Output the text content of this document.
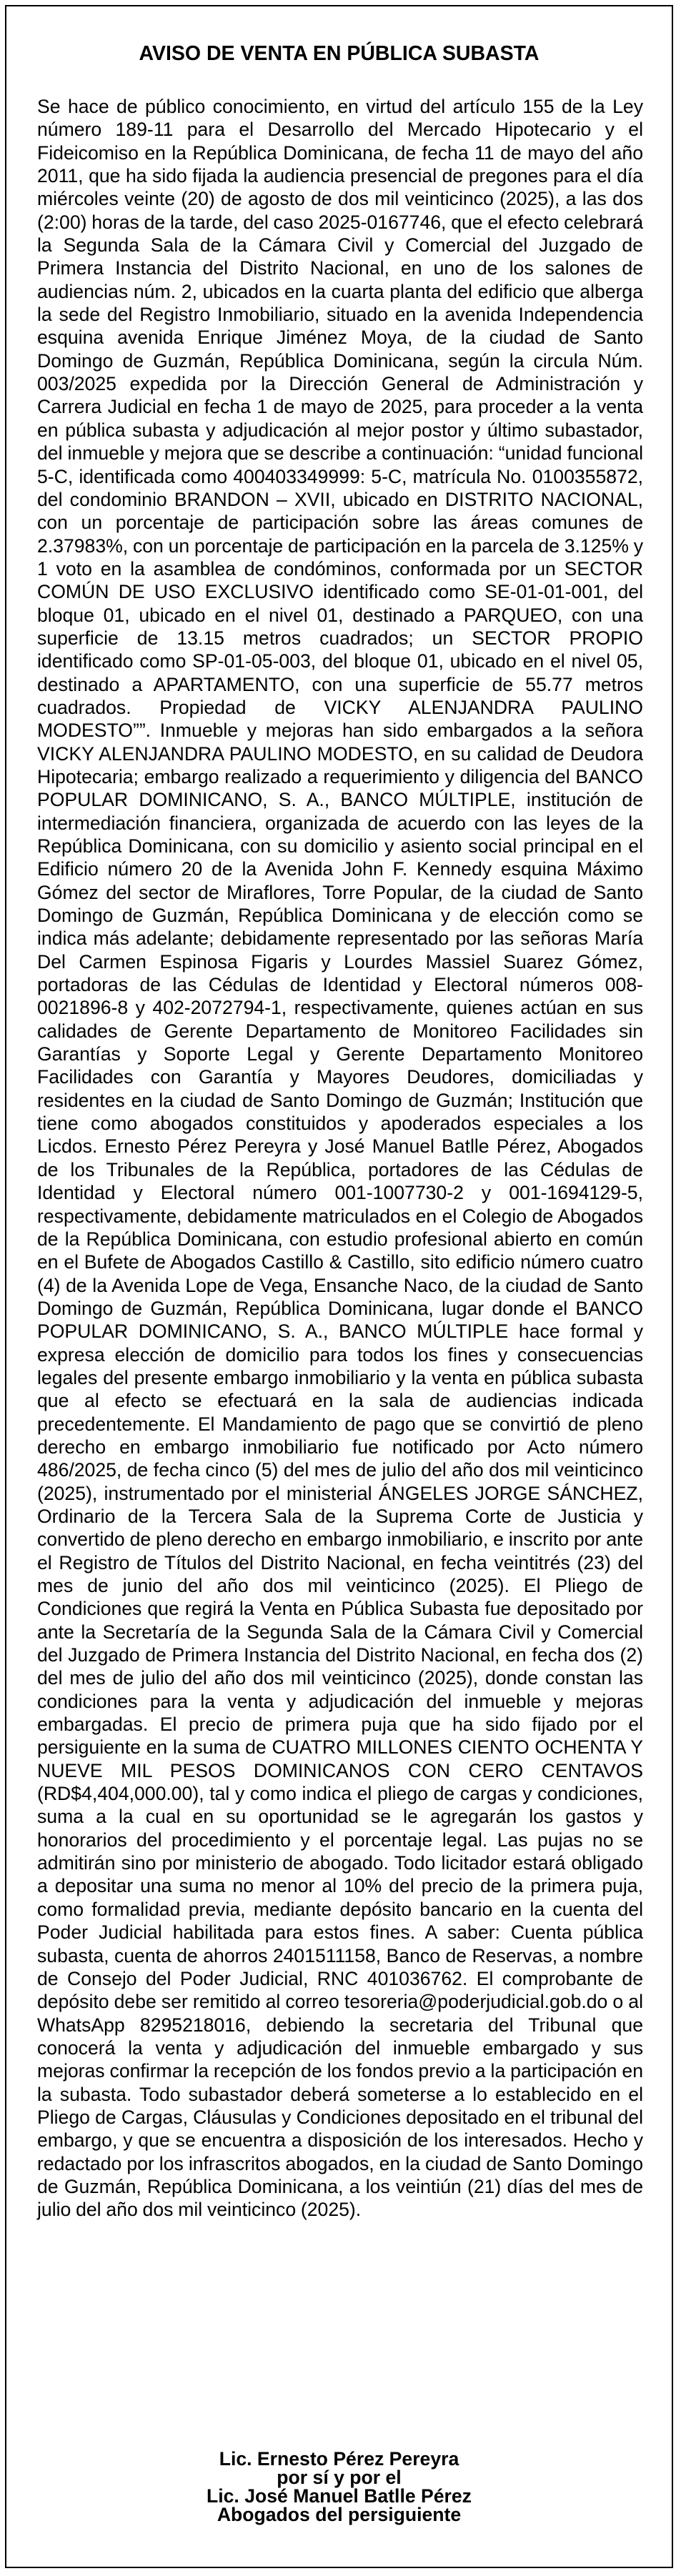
AVISO DE VENTA EN PÚBLICA SUBASTA

Se hace de público conocimiento, en virtud del artículo 155 de la Ley número 189-11 para el Desarrollo del Mercado Hipotecario y el Fideicomiso en la República Dominicana, de fecha 11 de mayo del año 2011, que ha sido fijada la audiencia presencial de pregones para el día miércoles veinte (20) de agosto de dos mil veinticinco (2025), a las dos (2:00) horas de la tarde, del caso 2025-0167746, que el efecto celebrará la Segunda Sala de la Cámara Civil y Comercial del Juzgado de Primera Instancia del Distrito Nacional, en uno de los salones de audiencias núm. 2, ubicados en la cuarta planta del edificio que alberga la sede del Registro Inmobiliario, situado en la avenida Independencia esquina avenida Enrique Jiménez Moya, de la ciudad de Santo Domingo de Guzmán, República Dominicana, según la circula Núm. 003/2025 expedida por la Dirección General de Administración y Carrera Judicial en fecha 1 de mayo de 2025, para proceder a la venta en pública subasta y adjudicación al mejor postor y último subastador, del inmueble y mejora que se describe a continuación: “unidad funcional 5-C, identificada como 400403349999: 5-C, matrícula No. 0100355872, del condominio BRANDON – XVII, ubicado en DISTRITO NACIONAL, con un porcentaje de participación sobre las áreas comunes de 2.37983%, con un porcentaje de participación en la parcela de 3.125% y 1 voto en la asamblea de condóminos, conformada por un SECTOR COMÚN DE USO EXCLUSIVO identificado como SE-01-01-001, del bloque 01, ubicado en el nivel 01, destinado a PARQUEO, con una superficie de 13.15 metros cuadrados; un SECTOR PROPIO identificado como SP-01-05-003, del bloque 01, ubicado en el nivel 05, destinado a APARTAMENTO, con una superficie de 55.77 metros cuadrados. Propiedad de VICKY ALENJANDRA PAULINO MODESTO””. Inmueble y mejoras han sido embargados a la señora VICKY ALENJANDRA PAULINO MODESTO, en su calidad de Deudora Hipotecaria; embargo realizado a requerimiento y diligencia del BANCO POPULAR DOMINICANO, S. A., BANCO MÚLTIPLE, institución de intermediación financiera, organizada de acuerdo con las leyes de la República Dominicana, con su domicilio y asiento social principal en el Edificio número 20 de la Avenida John F. Kennedy esquina Máximo Gómez del sector de Miraflores, Torre Popular, de la ciudad de Santo Domingo de Guzmán, República Dominicana y de elección como se indica más adelante; debidamente representado por las señoras María Del Carmen Espinosa Figaris y Lourdes Massiel Suarez Gómez, portadoras de las Cédulas de Identidad y Electoral números 008-0021896-8 y 402-2072794-1, respectivamente, quienes actúan en sus calidades de Gerente Departamento de Monitoreo Facilidades sin Garantías y Soporte Legal y Gerente Departamento Monitoreo Facilidades con Garantía y Mayores Deudores, domiciliadas y residentes en la ciudad de Santo Domingo de Guzmán; Institución que tiene como abogados constituidos y apoderados especiales a los Licdos. Ernesto Pérez Pereyra y José Manuel Batlle Pérez, Abogados de los Tribunales de la República, portadores de las Cédulas de Identidad y Electoral número 001-1007730-2 y 001-1694129-5, respectivamente, debidamente matriculados en el Colegio de Abogados de la República Dominicana, con estudio profesional abierto en común en el Bufete de Abogados Castillo & Castillo, sito edificio número cuatro (4) de la Avenida Lope de Vega, Ensanche Naco, de la ciudad de Santo Domingo de Guzmán, República Dominicana, lugar donde el BANCO POPULAR DOMINICANO, S. A., BANCO MÚLTIPLE hace formal y expresa elección de domicilio para todos los fines y consecuencias legales del presente embargo inmobiliario y la venta en pública subasta que al efecto se efectuará en la sala de audiencias indicada precedentemente. El Mandamiento de pago que se convirtió de pleno derecho en embargo inmobiliario fue notificado por Acto número 486/2025, de fecha cinco (5) del mes de julio del año dos mil veinticinco (2025), instrumentado por el ministerial ÁNGELES JORGE SÁNCHEZ, Ordinario de la Tercera Sala de la Suprema Corte de Justicia y convertido de pleno derecho en embargo inmobiliario, e inscrito por ante el Registro de Títulos del Distrito Nacional, en fecha veintitrés (23) del mes de junio del año dos mil veinticinco (2025). El Pliego de Condiciones que regirá la Venta en Pública Subasta fue depositado por ante la Secretaría de la Segunda Sala de la Cámara Civil y Comercial del Juzgado de Primera Instancia del Distrito Nacional, en fecha dos (2) del mes de julio del año dos mil veinticinco (2025), donde constan las condiciones para la venta y adjudicación del inmueble y mejoras embargadas. El precio de primera puja que ha sido fijado por el persiguiente en la suma de CUATRO MILLONES CIENTO OCHENTA Y NUEVE MIL PESOS DOMINICANOS CON CERO CENTAVOS (RD$4,404,000.00), tal y como indica el pliego de cargas y condiciones, suma a la cual en su oportunidad se le agregarán los gastos y honorarios del procedimiento y el porcentaje legal. Las pujas no se admitirán sino por ministerio de abogado. Todo licitador estará obligado a depositar una suma no menor al 10% del precio de la primera puja, como formalidad previa, mediante depósito bancario en la cuenta del Poder Judicial habilitada para estos fines. A saber: Cuenta pública subasta, cuenta de ahorros 2401511158, Banco de Reservas, a nombre de Consejo del Poder Judicial, RNC 401036762. El comprobante de depósito debe ser remitido al correo tesoreria@poderjudicial.gob.do o al WhatsApp 8295218016, debiendo la secretaria del Tribunal que conocerá la venta y adjudicación del inmueble embargado y sus mejoras confirmar la recepción de los fondos previo a la participación en la subasta. Todo subastador deberá someterse a lo establecido en el Pliego de Cargas, Cláusulas y Condiciones depositado en el tribunal del embargo, y que se encuentra a disposición de los interesados. Hecho y redactado por los infrascritos abogados, en la ciudad de Santo Domingo de Guzmán, República Dominicana, a los veintiún (21) días del mes de julio del año dos mil veinticinco (2025).

Lic. Ernesto Pérez Pereyra
por sí y por el
Lic. José Manuel Batlle Pérez
Abogados del persiguiente
